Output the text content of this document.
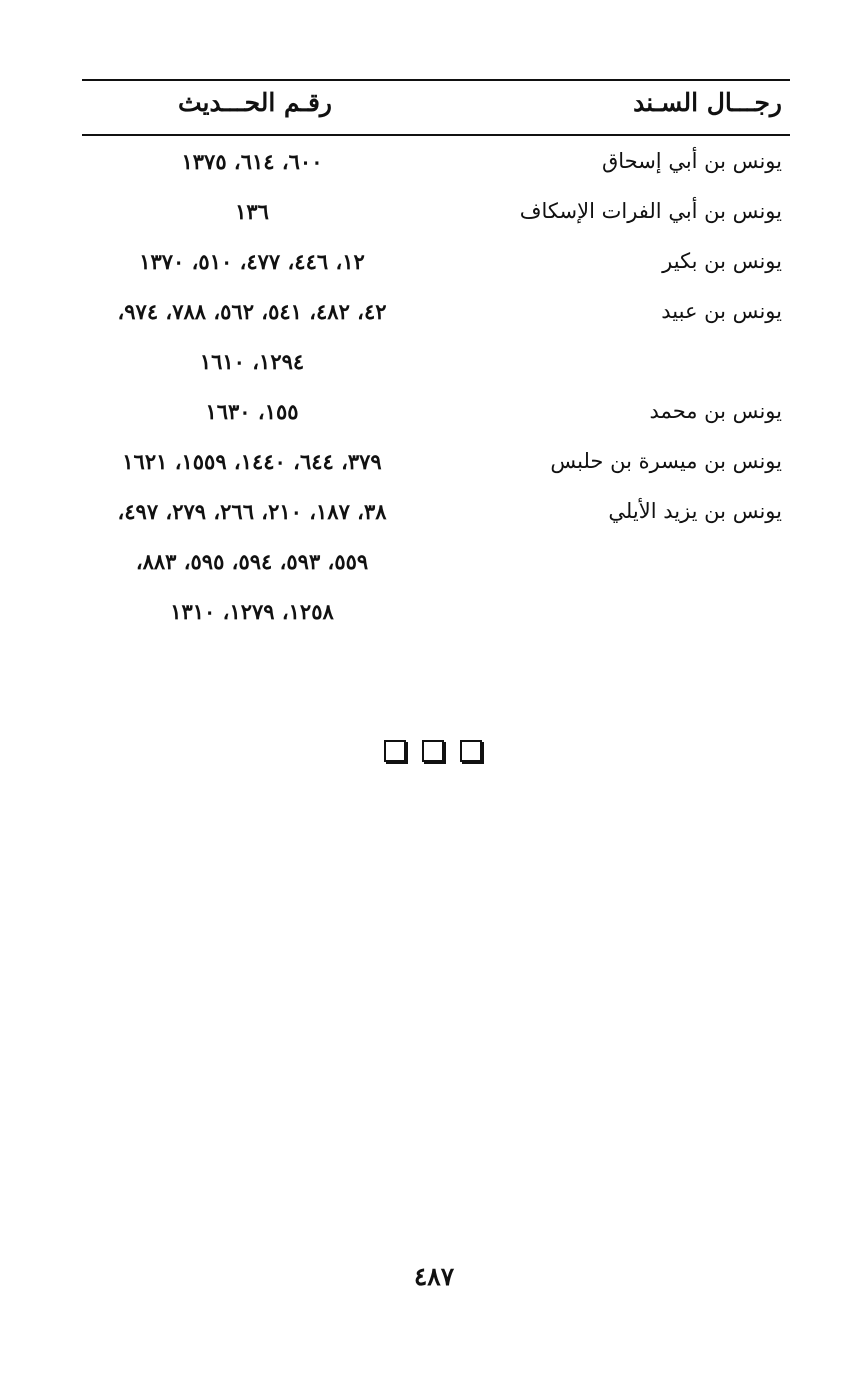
رجـــال السـند
رقـم الحـــديث
يونس بن أبي إسحاق
٦٠٠، ٦١٤، ١٣٧٥
يونس بن أبي الفرات الإسكاف
١٣٦
يونس بن بكير
١٢، ٤٤٦، ٤٧٧، ٥١٠، ١٣٧٠
يونس بن عبيد
٤٢، ٤٨٢، ٥٤١، ٥٦٢، ٧٨٨، ٩٧٤،
١٢٩٤، ١٦١٠
يونس بن محمد
١٥٥، ١٦٣٠
يونس بن ميسرة بن حلبس
٣٧٩، ٦٤٤، ١٤٤٠، ١٥٥٩، ١٦٢١
يونس بن يزيد الأيلي
٣٨، ١٨٧، ٢١٠، ٢٦٦، ٢٧٩، ٤٩٧،
٥٥٩، ٥٩٣، ٥٩٤، ٥٩٥، ٨٨٣،
١٢٥٨، ١٢٧٩، ١٣١٠
٤٨٧
